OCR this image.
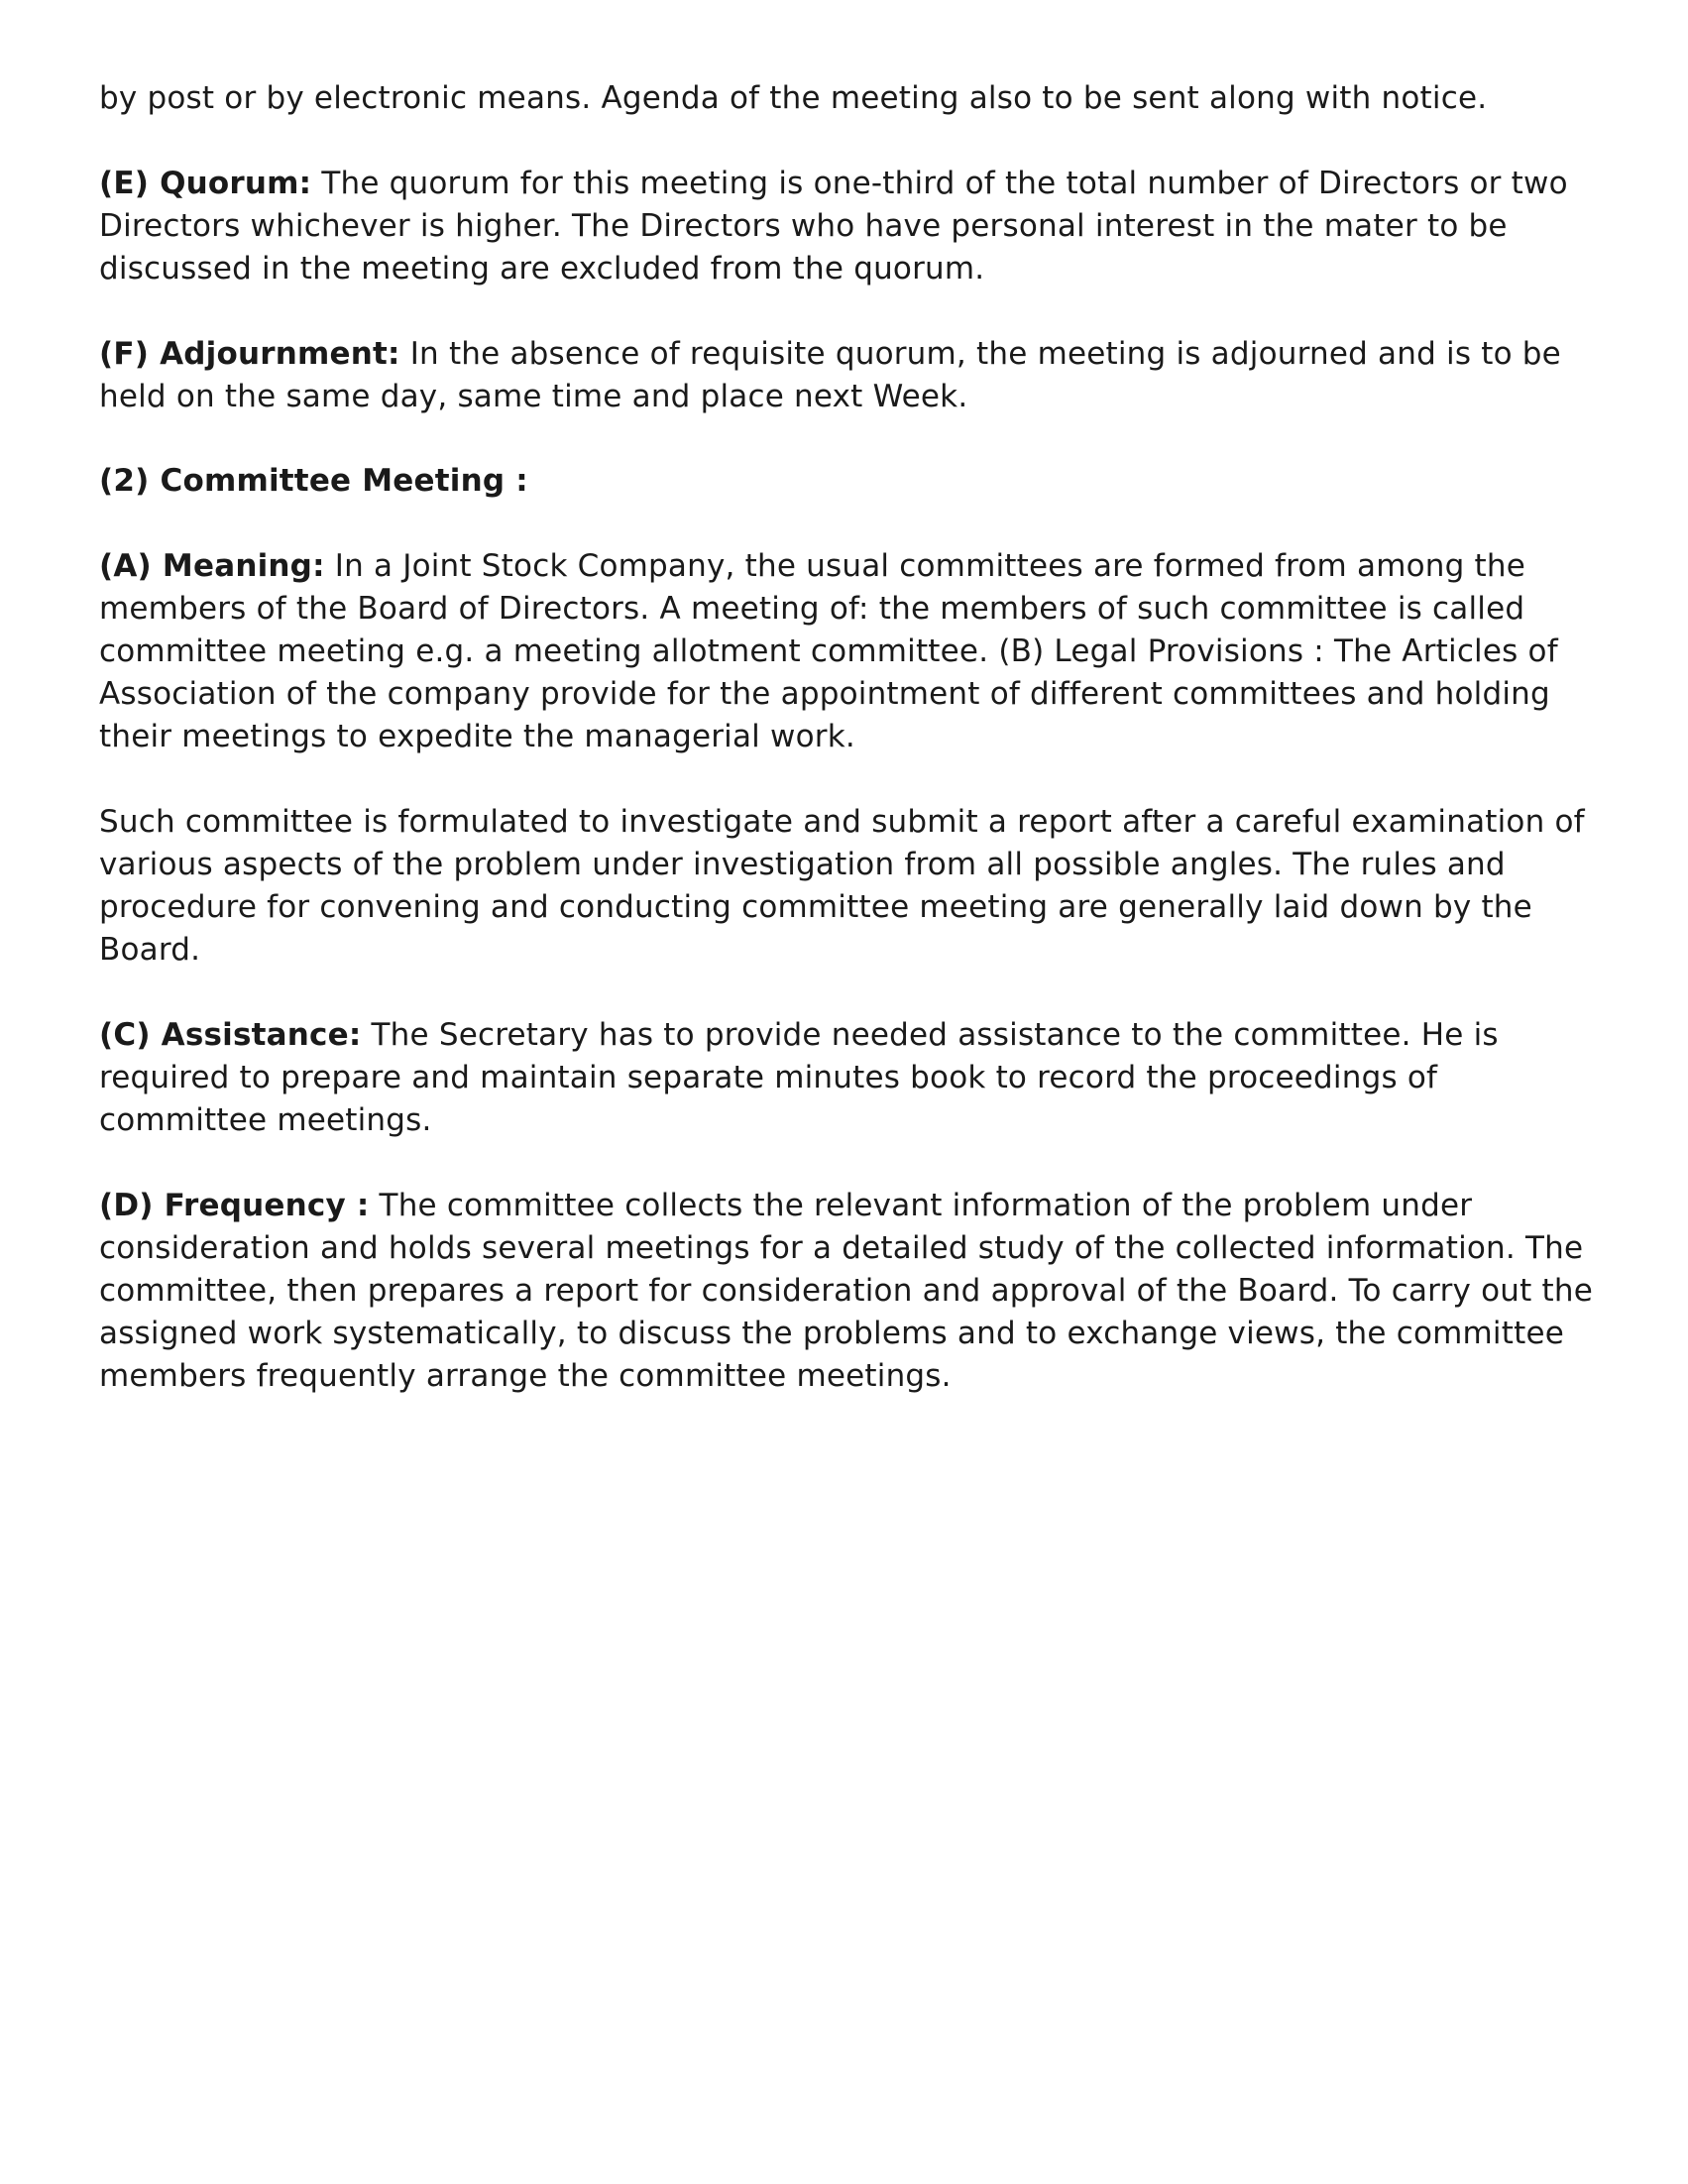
by post or by electronic means. Agenda of the meeting also to be sent along with notice.

(E) Quorum: The quorum for this meeting is one-third of the total number of Directors or two Directors whichever is higher. The Directors who have personal interest in the mater to be discussed in the meeting are excluded from the quorum.

(F) Adjournment: In the absence of requisite quorum, the meeting is adjourned and is to be held on the same day, same time and place next Week.

(2) Committee Meeting :

(A) Meaning: In a Joint Stock Company, the usual committees are formed from among the members of the Board of Directors. A meeting of: the members of such committee is called committee meeting e.g. a meeting allotment committee. (B) Legal Provisions : The Articles of Association of the company provide for the appointment of different committees and holding their meetings to expedite the managerial work.

Such committee is formulated to investigate and submit a report after a careful examination of various aspects of the problem under investigation from all possible angles. The rules and procedure for convening and conducting committee meeting are generally laid down by the Board.

(C) Assistance: The Secretary has to provide needed assistance to the committee. He is required to prepare and maintain separate minutes book to record the proceedings of committee meetings.

(D) Frequency : The committee collects the relevant information of the problem under consideration and holds several meetings for a detailed study of the collected information. The committee, then prepares a report for consideration and approval of the Board. To carry out the assigned work systematically, to discuss the problems and to exchange views, the committee members frequently arrange the committee meetings.
